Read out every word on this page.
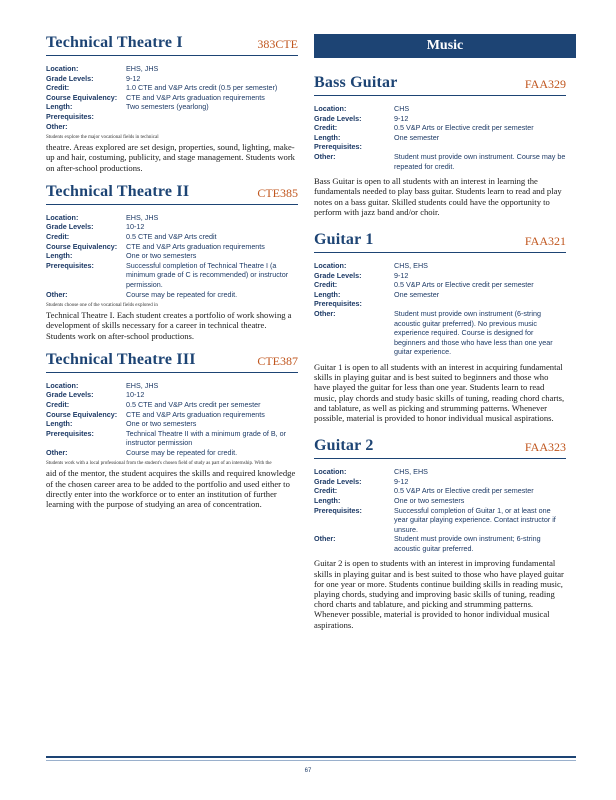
Music
Technical Theatre I	383CTE
Location:	EHS, JHS
Grade Levels:	9-12
Credit:	1.0 CTE and V&P Arts credit (0.5 per semester)
Course Equivalency:	CTE and V&P Arts graduation requirements
Length:	Two semesters (yearlong)
Prerequisites:
Other:
Students explore the major vocational fields in technical
theatre. Areas explored are set design, properties, sound, lighting, make-up and hair, costuming, publicity, and stage management. Students work on after-school productions.
Technical Theatre II	CTE385
Location:	EHS, JHS
Grade Levels:	10-12
Credit:	0.5 CTE and V&P Arts credit
Course Equivalency:	CTE and V&P Arts graduation requirements
Length:	One or two semesters
Prerequisites:	Successful completion of Technical Theatre I (a minimum grade of C is recommended) or instructor permission.
Other:	Course may be repeated for credit.
Students choose one of the vocational fields explored in
Technical Theatre I. Each student creates a portfolio of work showing a development of skills necessary for a career in technical theatre. Students work on after-school productions.
Technical Theatre III	CTE387
Location:	EHS, JHS
Grade Levels:	10-12
Credit:	0.5 CTE and V&P Arts credit per semester
Course Equivalency:	CTE and V&P Arts graduation requirements
Length:	One or two semesters
Prerequisites:	Technical Theatre II with a minimum grade of B, or instructor permission
Other:	Course may be repeated for credit.
Students work with a local professional from the student's chosen field of study as part of an internship. With the
aid of the mentor, the student acquires the skills and required knowledge of the chosen career area to be added to the portfolio and used either to directly enter into the workforce or to enter an institution of further learning with the purpose of studying an area of concentration.
Bass Guitar	FAA329
Location:	CHS
Grade Levels:	9-12
Credit:	0.5 V&P Arts or Elective credit per semester
Length:	One semester
Prerequisites:
Other:	Student must provide own instrument. Course may be repeated for credit.
Bass Guitar is open to all students with an interest in learning the fundamentals needed to play bass guitar. Students learn to read and play notes on a bass guitar. Skilled students could have the opportunity to perform with jazz band and/or choir.
Guitar 1	FAA321
Location:	CHS, EHS
Grade Levels:	9-12
Credit:	0.5 V&P Arts or Elective credit per semester
Length:	One semester
Prerequisites:
Other:	Student must provide own instrument (6-string acoustic guitar preferred). No previous music experience required. Course is designed for beginners and those who have less than one year guitar experience.
Guitar 1 is open to all students with an interest in acquiring fundamental skills in playing guitar and is best suited to beginners and those who have played the guitar for less than one year. Students learn to read music, play chords and study basic skills of tuning, reading chord charts, and tablature, as well as picking and strumming patterns. Whenever possible, material is provided to honor individual musical aspirations.
Guitar 2	FAA323
Location:	CHS, EHS
Grade Levels:	9-12
Credit:	0.5 V&P Arts or Elective credit per semester
Length:	One or two semesters
Prerequisites:	Successful completion of Guitar 1, or at least one year guitar playing experience. Contact instructor if unsure.
Other:	Student must provide own instrument; 6-string acoustic guitar preferred.
Guitar 2 is open to students with an interest in improving fundamental skills in playing guitar and is best suited to those who have played guitar for one year or more. Students continue building skills in reading music, playing chords, studying and improving basic skills of tuning, reading chord charts and tablature, and picking and strumming patterns. Whenever possible, material is provided to honor individual musical aspirations.
67
